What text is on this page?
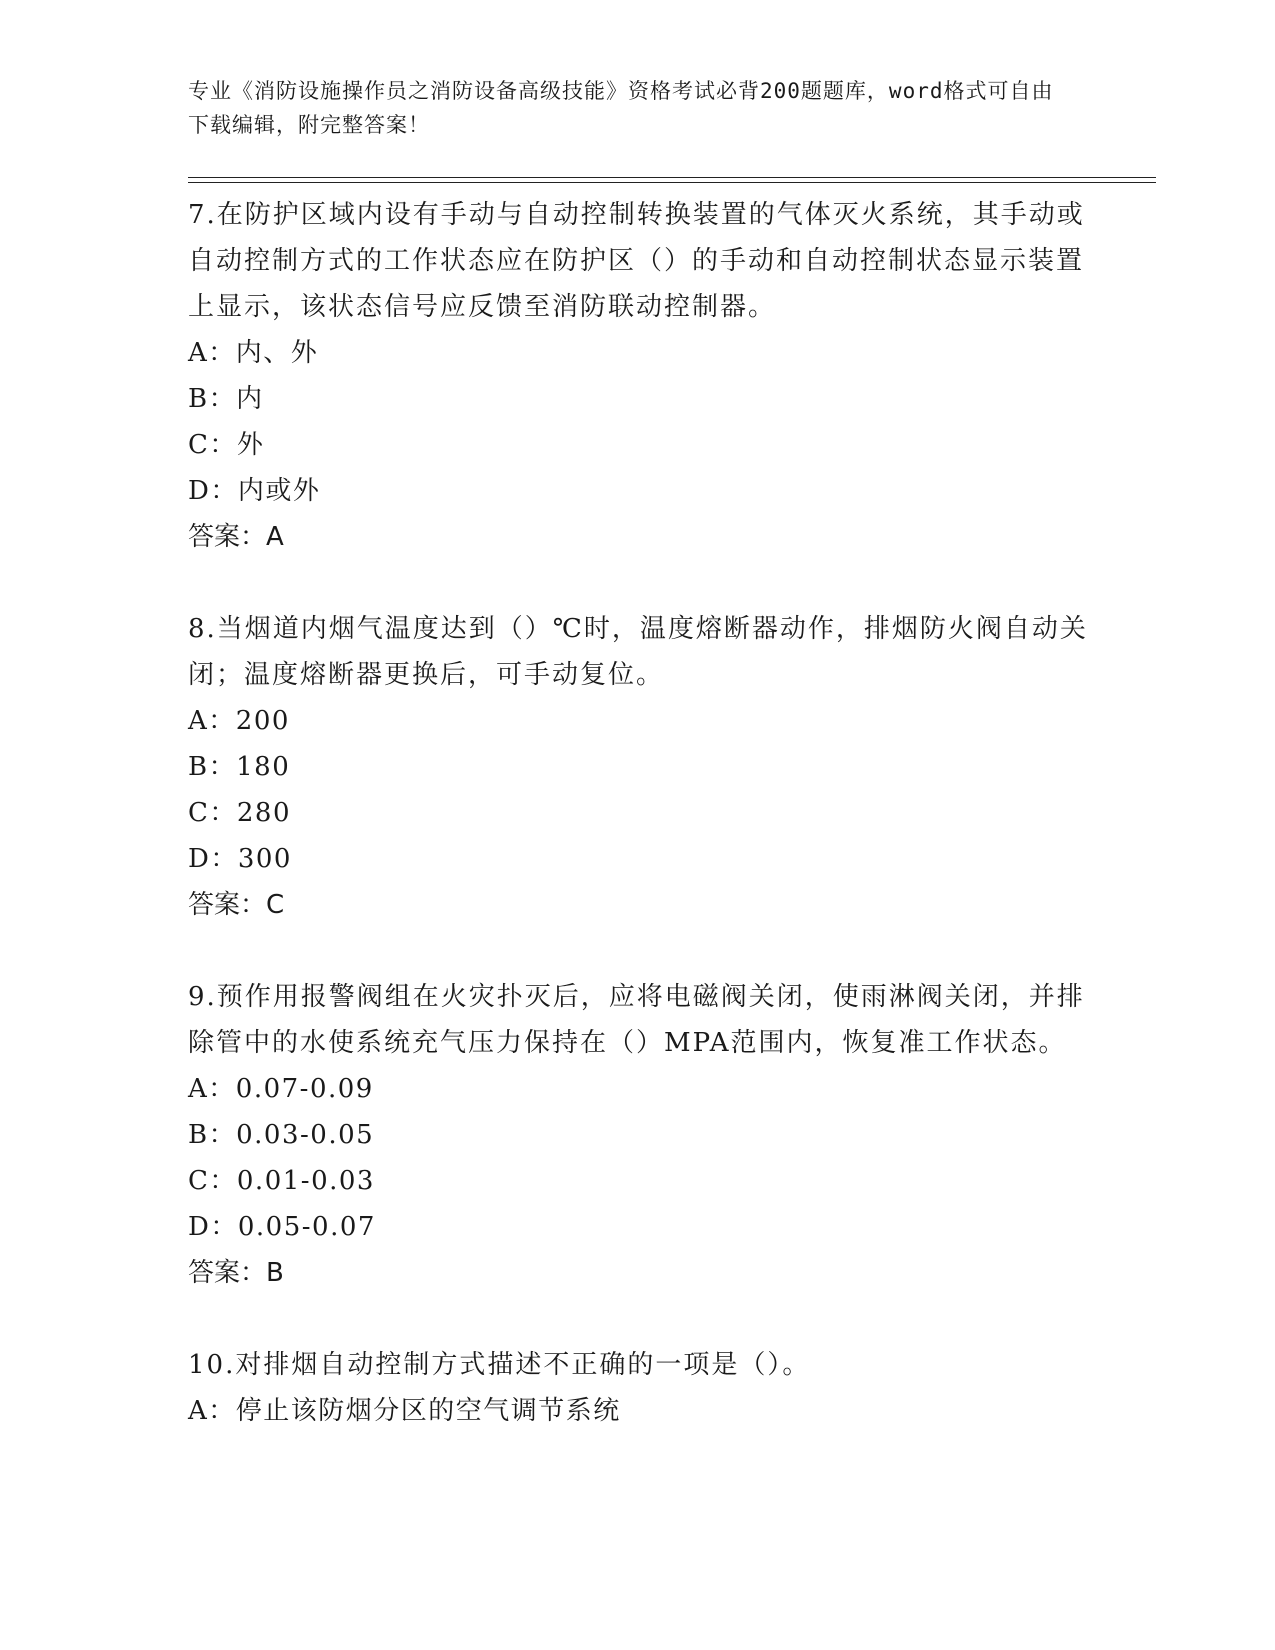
专业《消防设施操作员之消防设备高级技能》资格考试必背200题题库，word格式可自由下载编辑，附完整答案！

7.在防护区域内设有手动与自动控制转换装置的气体灭火系统，其手动或自动控制方式的工作状态应在防护区（）的手动和自动控制状态显示装置上显示，该状态信号应反馈至消防联动控制器。

A：内、外

B：内

C：外

D：内或外

答案：A

8.当烟道内烟气温度达到（）℃时，温度熔断器动作，排烟防火阀自动关闭；温度熔断器更换后，可手动复位。

A：200

B：180

C：280

D：300

答案：C

9.预作用报警阀组在火灾扑灭后，应将电磁阀关闭，使雨淋阀关闭，并排除管中的水使系统充气压力保持在（）MPA范围内，恢复准工作状态。

A：0.07-0.09

B：0.03-0.05

C：0.01-0.03

D：0.05-0.07

答案：B

10.对排烟自动控制方式描述不正确的一项是（）。

A：停止该防烟分区的空气调节系统
